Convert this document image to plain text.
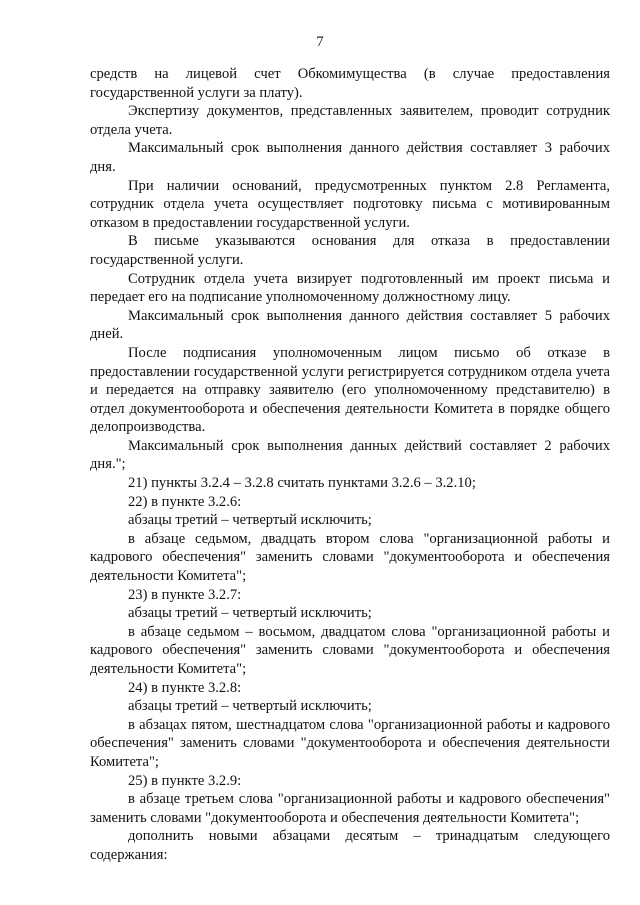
7

средств на лицевой счет Обкомимущества (в случае предоставления государственной услуги за плату).

Экспертизу документов, представленных заявителем, проводит сотрудник отдела учета.

Максимальный срок выполнения данного действия составляет 3 рабочих дня.

При наличии оснований, предусмотренных пунктом 2.8 Регламента, сотрудник отдела учета осуществляет подготовку письма с мотивированным отказом в предоставлении государственной услуги.

В письме указываются основания для отказа в предоставлении государственной услуги.

Сотрудник отдела учета визирует подготовленный им проект письма и передает его на подписание уполномоченному должностному лицу.

Максимальный срок выполнения данного действия составляет 5 рабочих дней.

После подписания уполномоченным лицом письмо об отказе в предоставлении государственной услуги регистрируется сотрудником отдела учета и передается на отправку заявителю (его уполномоченному представителю) в отдел документооборота и обеспечения деятельности Комитета в порядке общего делопроизводства.

Максимальный срок выполнения данных действий составляет 2 рабочих дня.";

21) пункты 3.2.4 – 3.2.8 считать пунктами 3.2.6 – 3.2.10;

22) в пункте 3.2.6:

абзацы третий – четвертый исключить;

в абзаце седьмом, двадцать втором слова "организационной работы и кадрового обеспечения" заменить словами "документооборота и обеспечения деятельности Комитета";

23) в пункте 3.2.7:

абзацы третий – четвертый исключить;

в абзаце седьмом – восьмом, двадцатом слова "организационной работы и кадрового обеспечения" заменить словами "документооборота и обеспечения деятельности Комитета";

24) в пункте 3.2.8:

абзацы третий – четвертый исключить;

в абзацах пятом, шестнадцатом слова "организационной работы и кадрового обеспечения" заменить словами "документооборота и обеспечения деятельности Комитета";

25) в пункте 3.2.9:

в абзаце третьем слова "организационной работы и кадрового обеспечения" заменить словами "документооборота и обеспечения деятельности Комитета";

дополнить новыми абзацами десятым – тринадцатым следующего содержания:
